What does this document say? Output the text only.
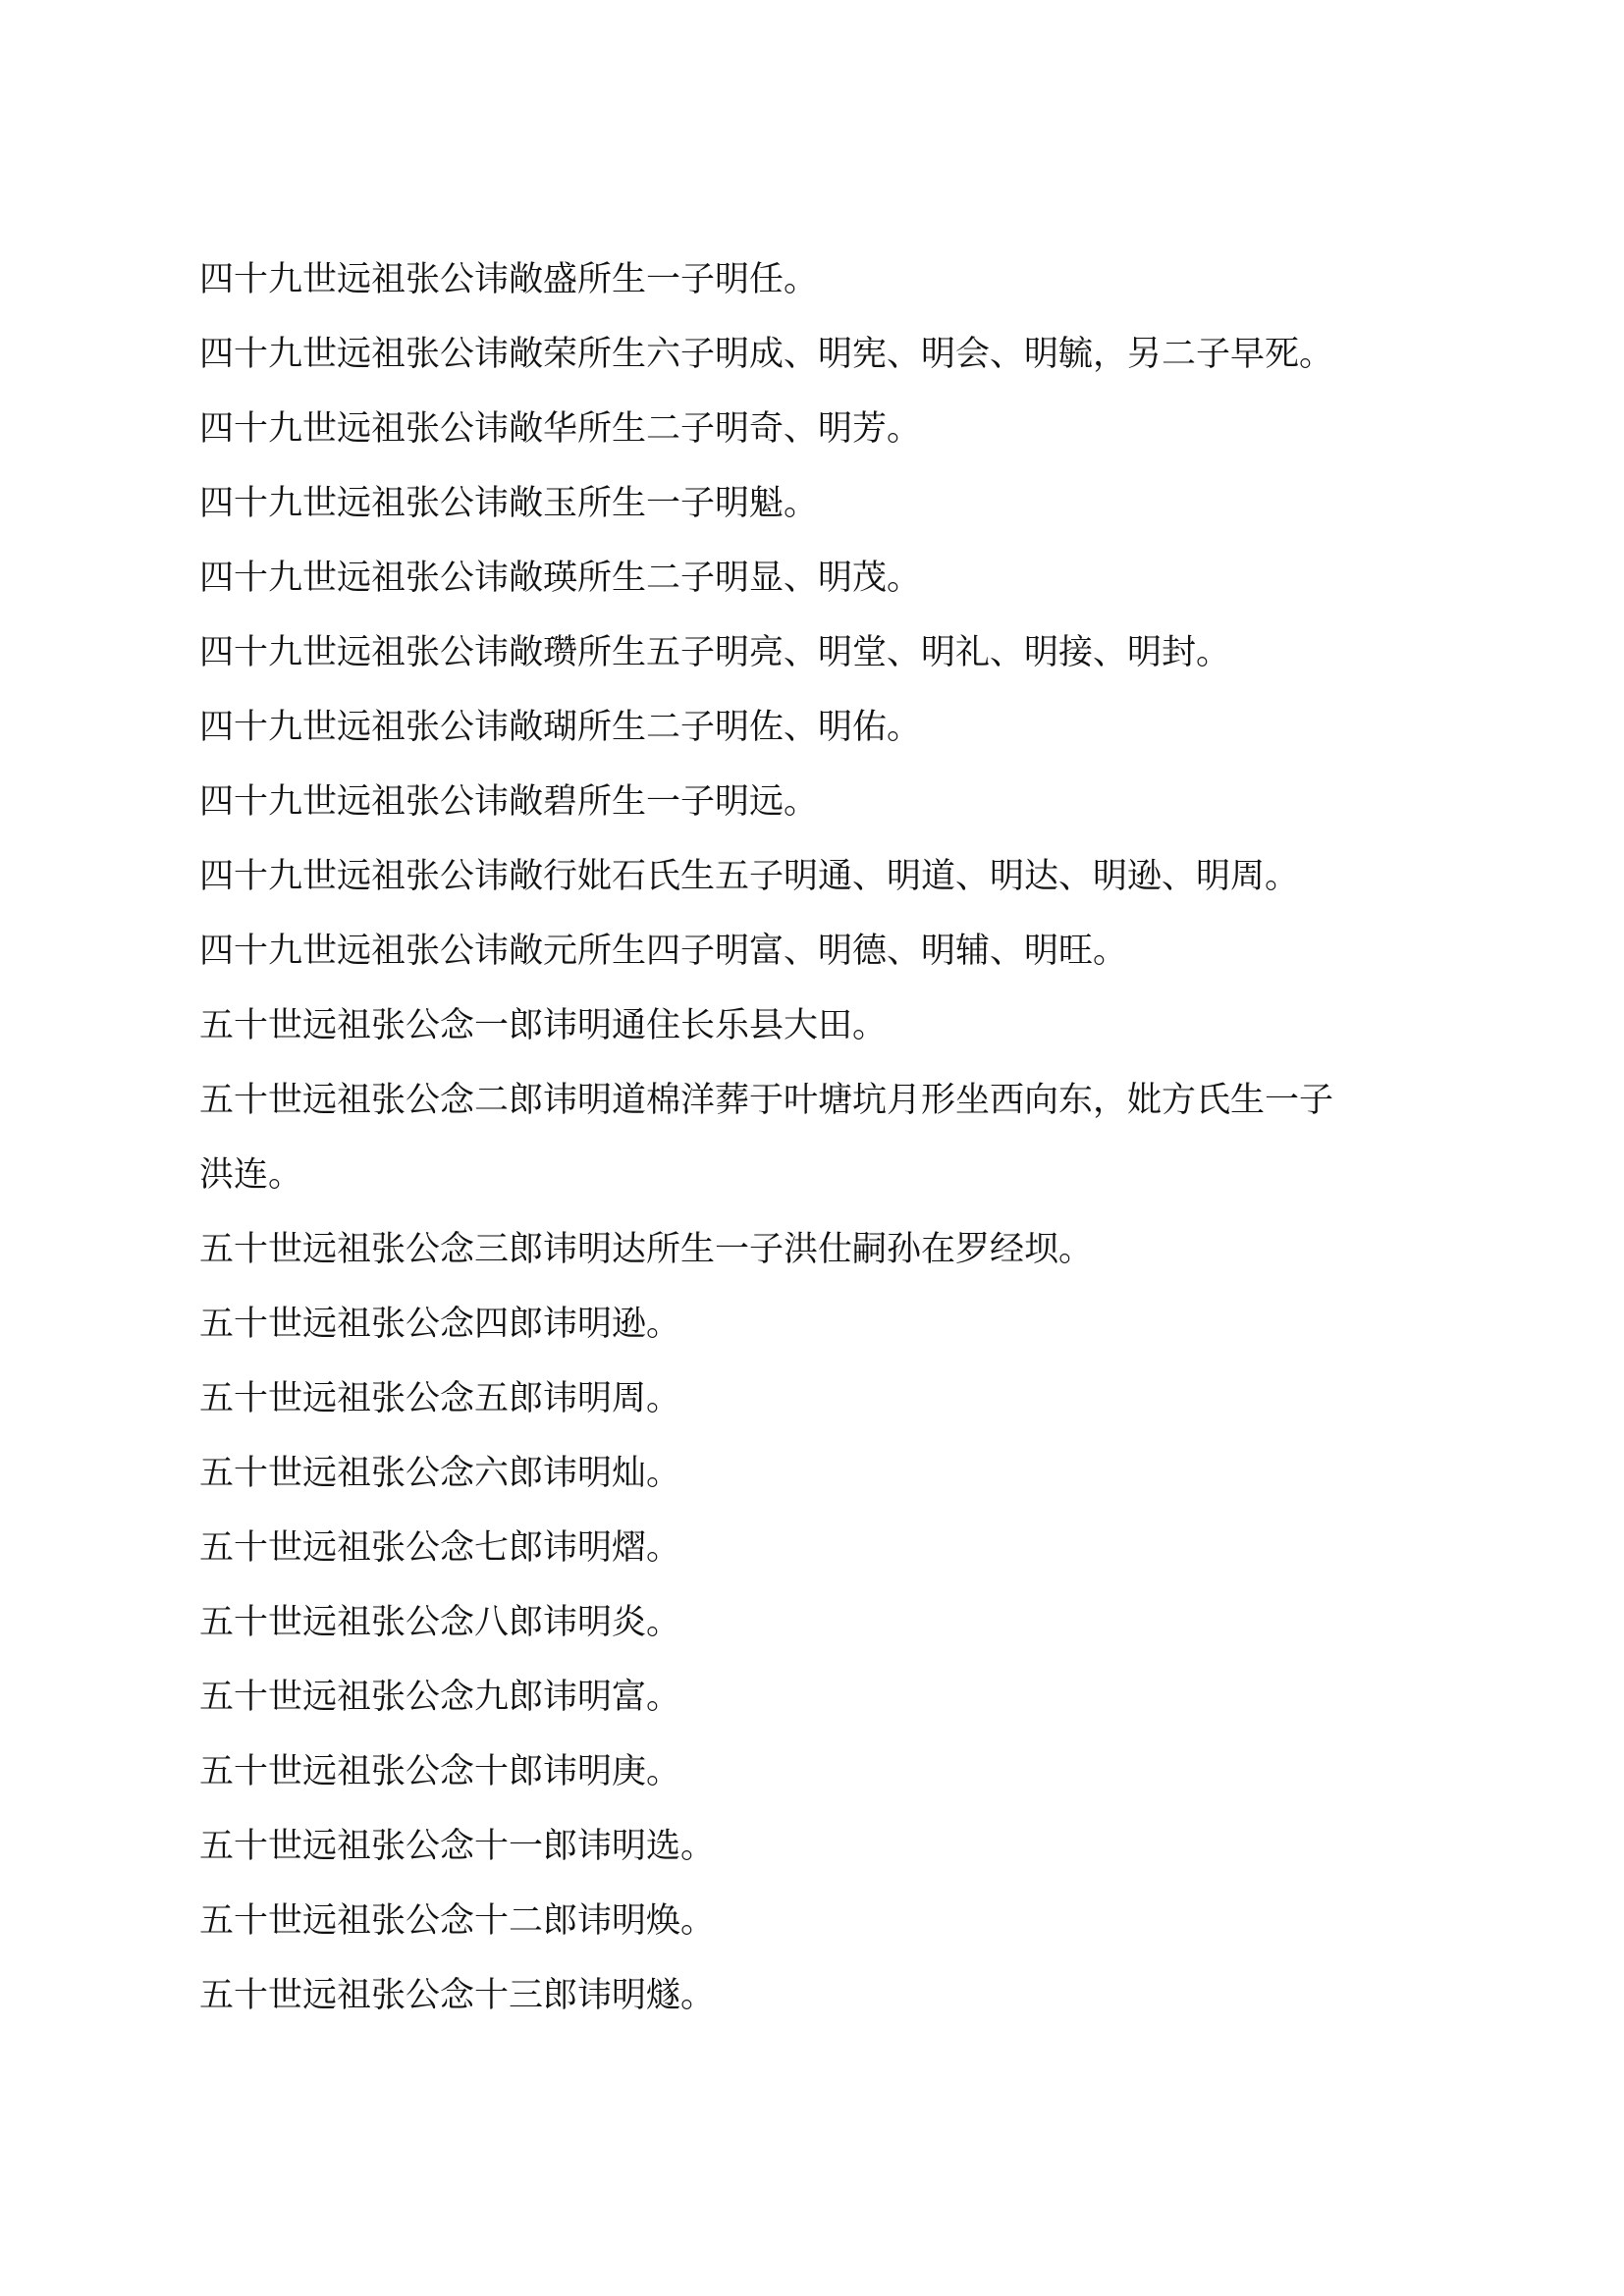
四十九世远祖张公讳敞盛所生一子明任。

四十九世远祖张公讳敞荣所生六子明成、明宪、明会、明毓，另二子早死。

四十九世远祖张公讳敞华所生二子明奇、明芳。

四十九世远祖张公讳敞玉所生一子明魁。

四十九世远祖张公讳敞瑛所生二子明显、明茂。

四十九世远祖张公讳敞瓒所生五子明亮、明堂、明礼、明接、明封。

四十九世远祖张公讳敞瑚所生二子明佐、明佑。

四十九世远祖张公讳敞碧所生一子明远。

四十九世远祖张公讳敞行妣石氏生五子明通、明道、明达、明逊、明周。

四十九世远祖张公讳敞元所生四子明富、明德、明辅、明旺。

五十世远祖张公念一郎讳明通住长乐县大田。

五十世远祖张公念二郎讳明道棉洋葬于叶塘坑月形坐西向东，妣方氏生一子

洪连。

五十世远祖张公念三郎讳明达所生一子洪仕嗣孙在罗经坝。

五十世远祖张公念四郎讳明逊。

五十世远祖张公念五郎讳明周。

五十世远祖张公念六郎讳明灿。

五十世远祖张公念七郎讳明熠。

五十世远祖张公念八郎讳明炎。

五十世远祖张公念九郎讳明富。

五十世远祖张公念十郎讳明庚。

五十世远祖张公念十一郎讳明选。

五十世远祖张公念十二郎讳明焕。

五十世远祖张公念十三郎讳明燧。
